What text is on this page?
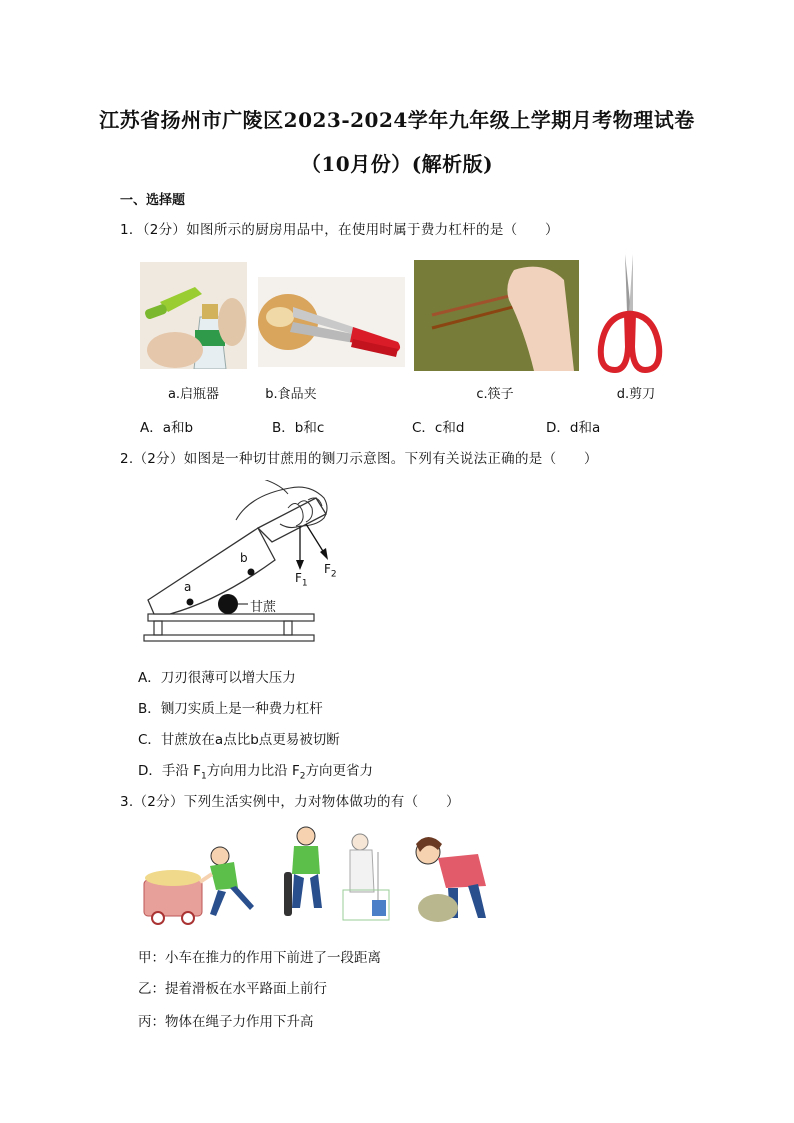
江苏省扬州市广陵区2023-2024学年九年级上学期月考物理试卷
（10月份）(解析版)
一、选择题
1．（2分）如图所示的厨房用品中，在使用时属于费力杠杆的是（　　）
a.启瓶器	b.食品夹	c.筷子	d.剪刀
A．a和b	B．b和c	C．c和d	D．d和a
2.（2分）如图是一种切甘蔗用的铡刀示意图。下列有关说法正确的是（　　）
a
b
$F_1$
$F_2$
甘蔗
A．刀刃很薄可以增大压力
B．铡刀实质上是一种费力杠杆
C．甘蔗放在a点比b点更易被切断
D．手沿 $F_1$方向用力比沿 $F_2$方向更省力
3.（2分）下列生活实例中，力对物体做功的有（　　）
甲：小车在推力的作用下前进了一段距离
乙：提着滑板在水平路面上前行
丙：物体在绳子力作用下升高
